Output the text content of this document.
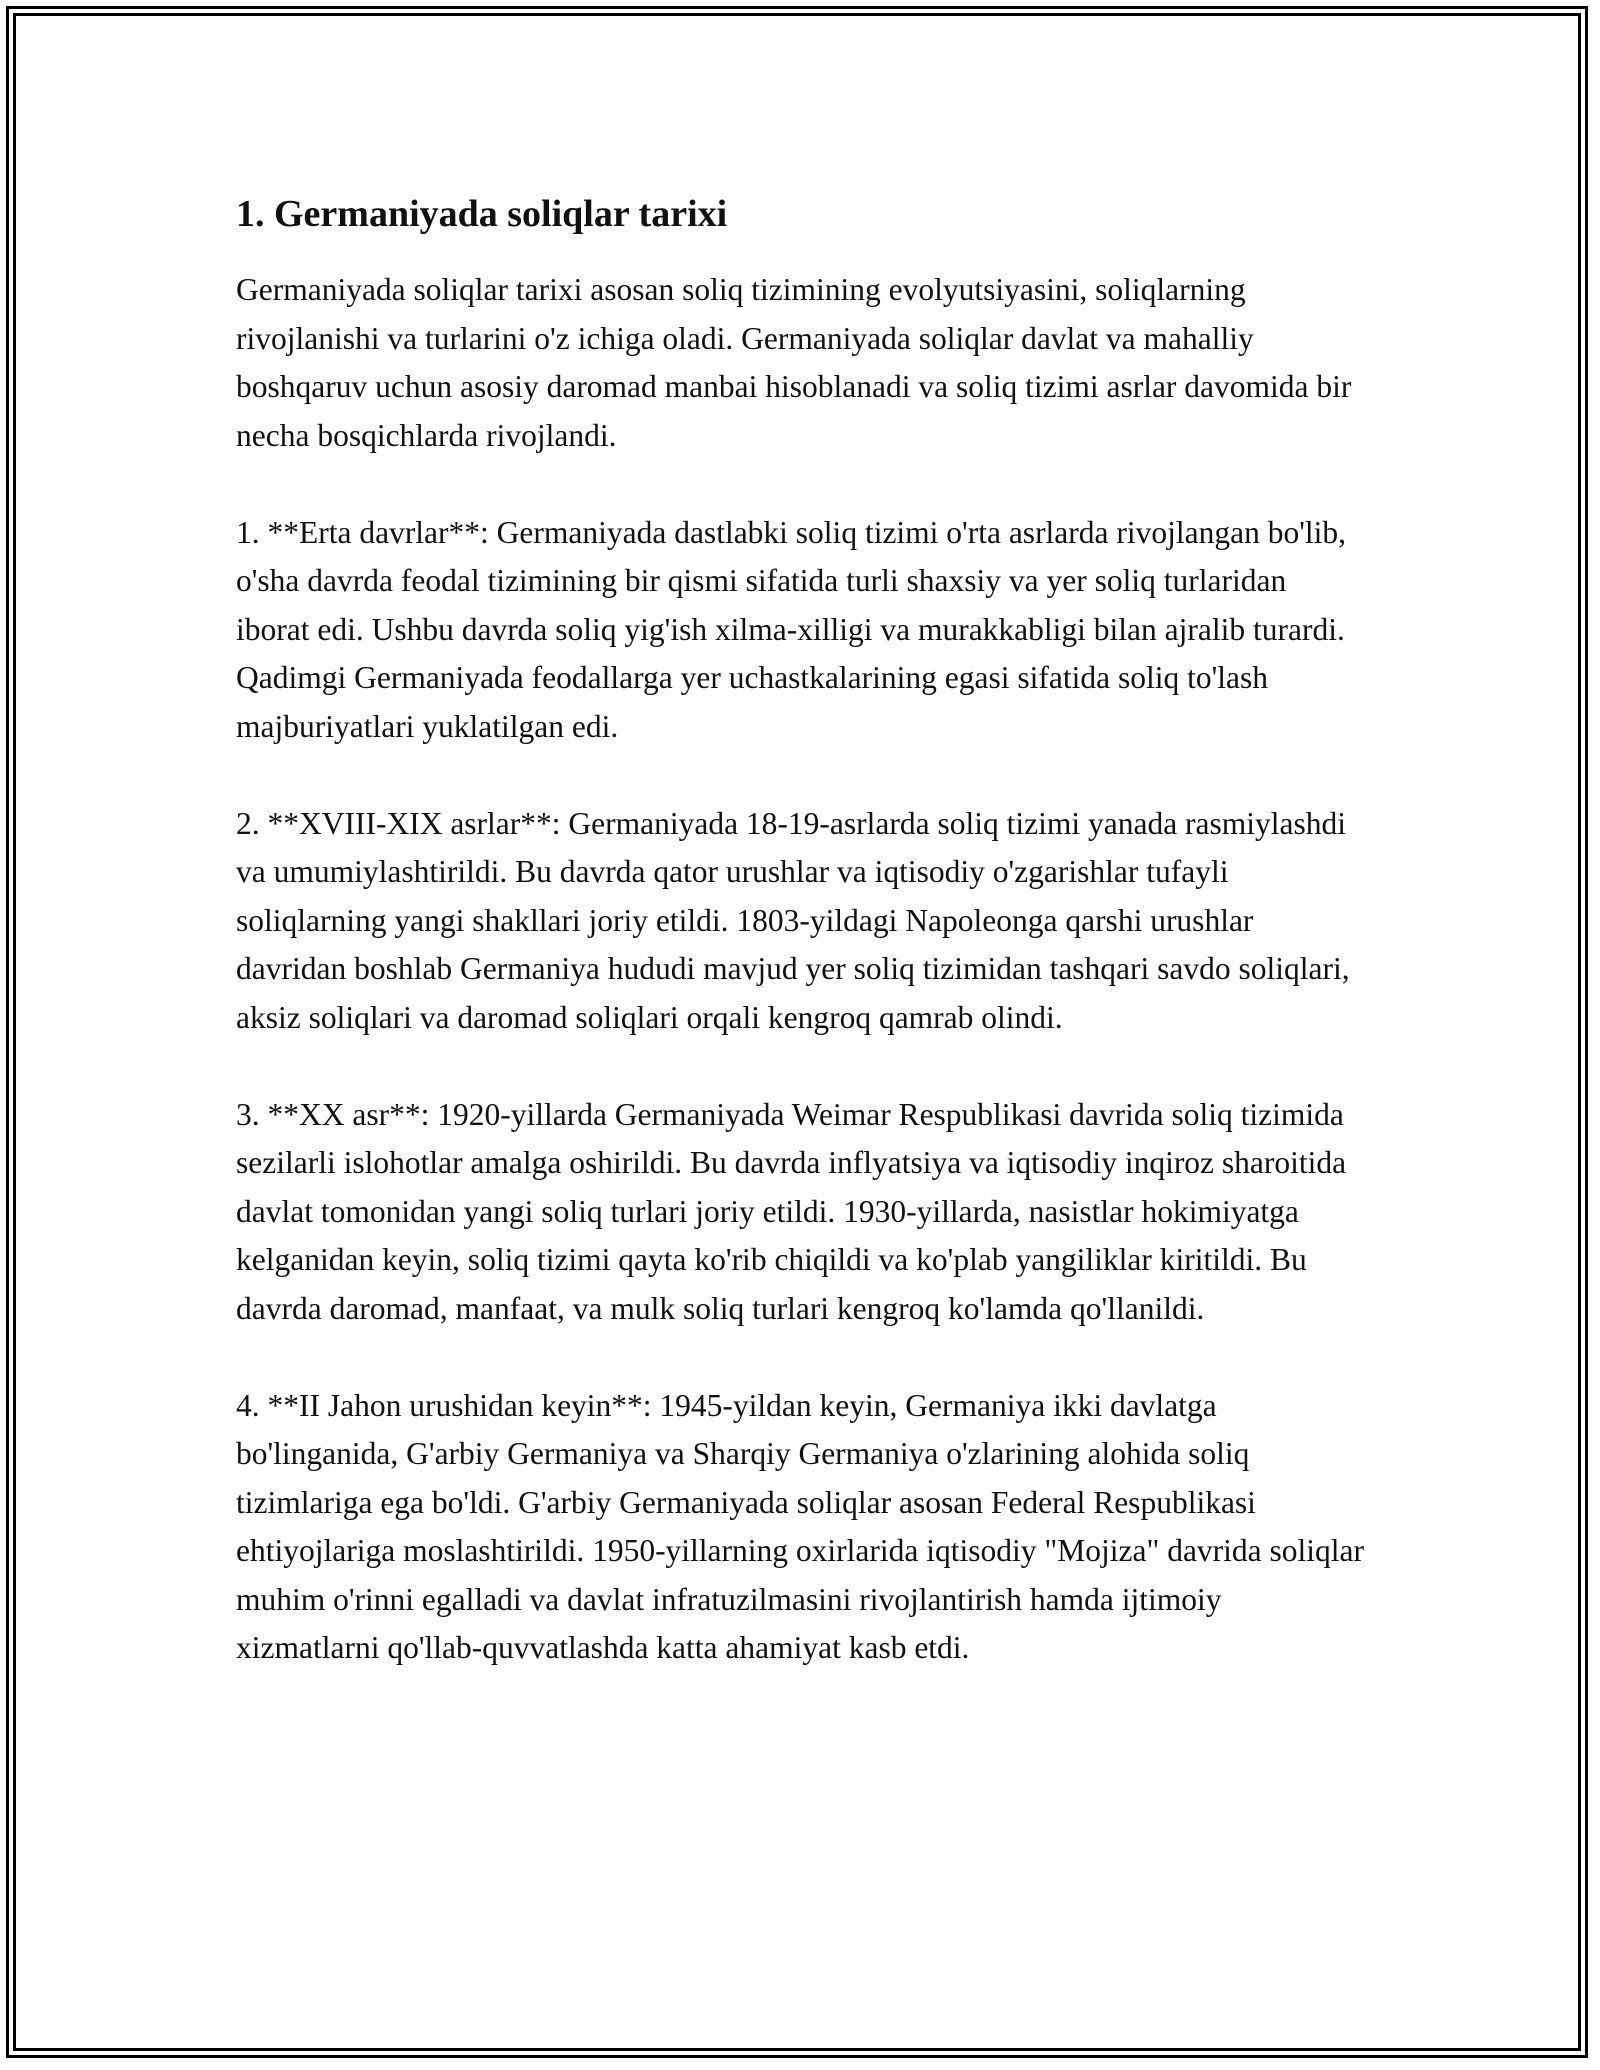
1. Germaniyada soliqlar tarixi

Germaniyada soliqlar tarixi asosan soliq tizimining evolyutsiyasini, soliqlarning rivojlanishi va turlarini o'z ichiga oladi. Germaniyada soliqlar davlat va mahalliy boshqaruv uchun asosiy daromad manbai hisoblanadi va soliq tizimi asrlar davomida bir necha bosqichlarda rivojlandi.

1. **Erta davrlar**: Germaniyada dastlabki soliq tizimi o'rta asrlarda rivojlangan bo'lib, o'sha davrda feodal tizimining bir qismi sifatida turli shaxsiy va yer soliq turlaridan iborat edi. Ushbu davrda soliq yig'ish xilma-xilligi va murakkabligi bilan ajralib turardi. Qadimgi Germaniyada feodallarga yer uchastkalarining egasi sifatida soliq to'lash majburiyatlari yuklatilgan edi.

2. **XVIII-XIX asrlar**: Germaniyada 18-19-asrlarda soliq tizimi yanada rasmiylashdi va umumiylashtirildi. Bu davrda qator urushlar va iqtisodiy o'zgarishlar tufayli soliqlarning yangi shakllari joriy etildi. 1803-yildagi Napoleonga qarshi urushlar davridan boshlab Germaniya hududi mavjud yer soliq tizimidan tashqari savdo soliqlari, aksiz soliqlari va daromad soliqlari orqali kengroq qamrab olindi.

3. **XX asr**: 1920-yillarda Germaniyada Weimar Respublikasi davrida soliq tizimida sezilarli islohotlar amalga oshirildi. Bu davrda inflyatsiya va iqtisodiy inqiroz sharoitida davlat tomonidan yangi soliq turlari joriy etildi. 1930-yillarda, nasistlar hokimiyatga kelganidan keyin, soliq tizimi qayta ko'rib chiqildi va ko'plab yangiliklar kiritildi. Bu davrda daromad, manfaat, va mulk soliq turlari kengroq ko'lamda qo'llanildi.

4. **II Jahon urushidan keyin**: 1945-yildan keyin, Germaniya ikki davlatga bo'linganida, G'arbiy Germaniya va Sharqiy Germaniya o'zlarining alohida soliq tizimlariga ega bo'ldi. G'arbiy Germaniyada soliqlar asosan Federal Respublikasi ehtiyojlariga moslashtirildi. 1950-yillarning oxirlarida iqtisodiy "Mojiza" davrida soliqlar muhim o'rinni egalladi va davlat infratuzilmasini rivojlantirish hamda ijtimoiy xizmatlarni qo'llab-quvvatlashda katta ahamiyat kasb etdi.
